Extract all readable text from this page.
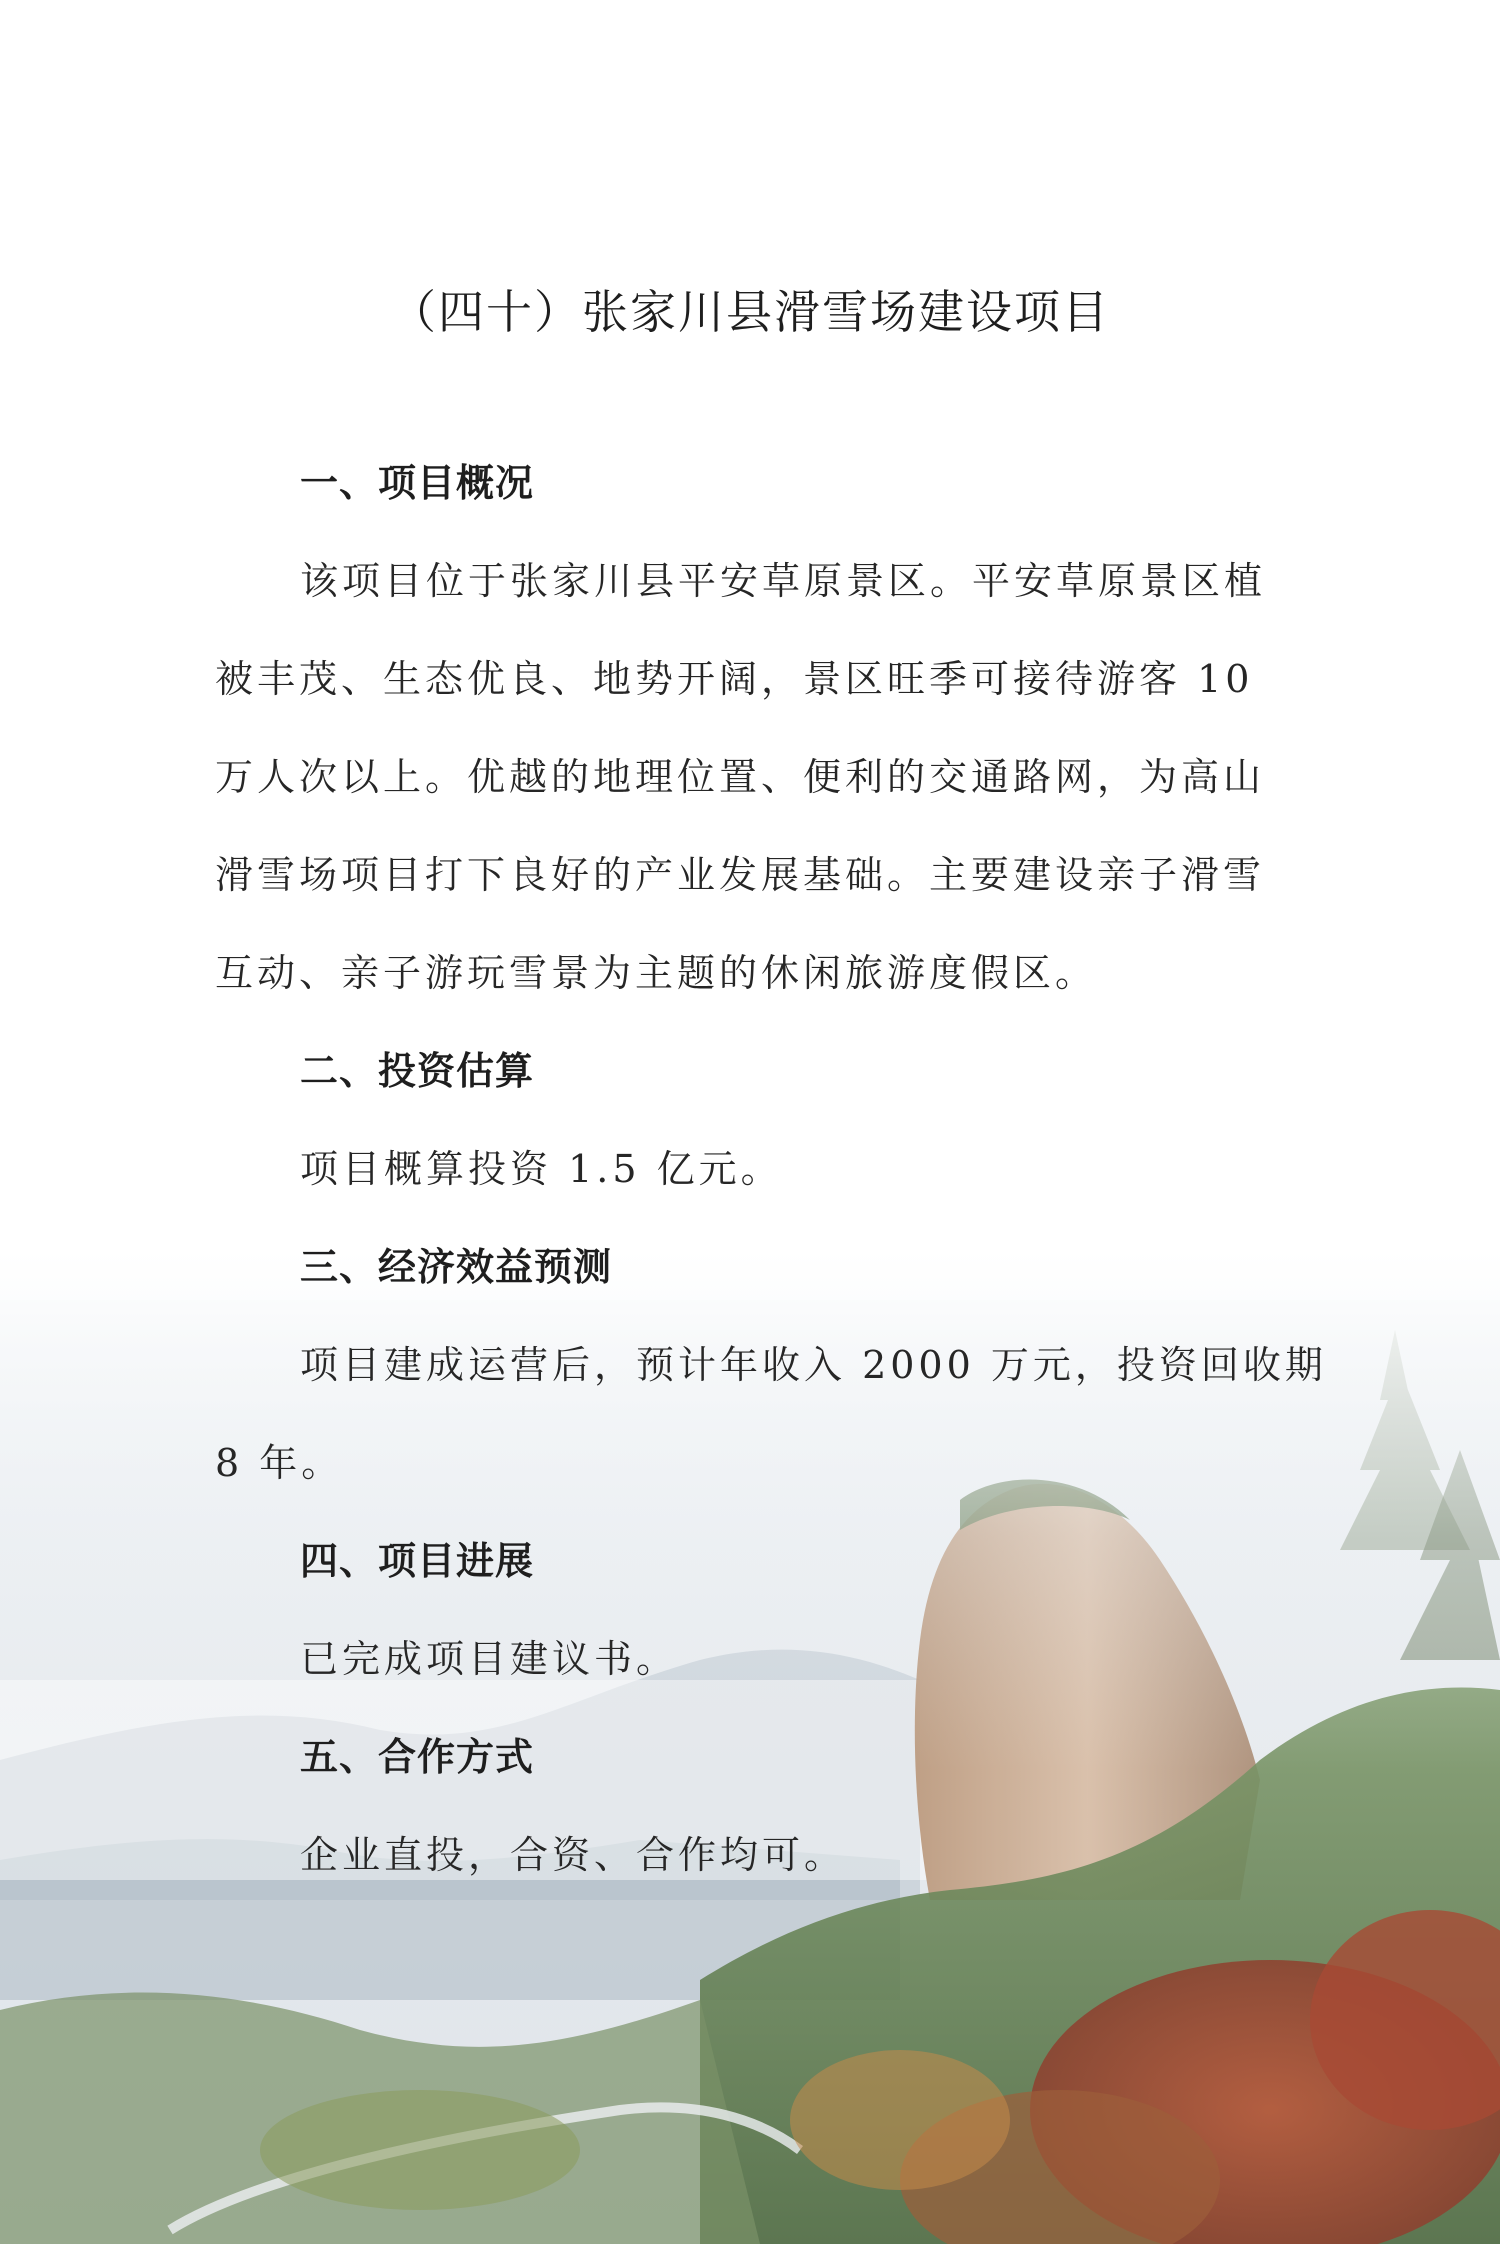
（四十）张家川县滑雪场建设项目
一、项目概况

该项目位于张家川县平安草原景区。平安草原景区植

被丰茂、生态优良、地势开阔，景区旺季可接待游客 10

万人次以上。优越的地理位置、便利的交通路网，为高山

滑雪场项目打下良好的产业发展基础。主要建设亲子滑雪

互动、亲子游玩雪景为主题的休闲旅游度假区。

二、投资估算

项目概算投资 1.5 亿元。

三、经济效益预测

项目建成运营后，预计年收入 2000 万元，投资回收期

8 年。

四、项目进展

已完成项目建议书。

五、合作方式

企业直投，合资、合作均可。
